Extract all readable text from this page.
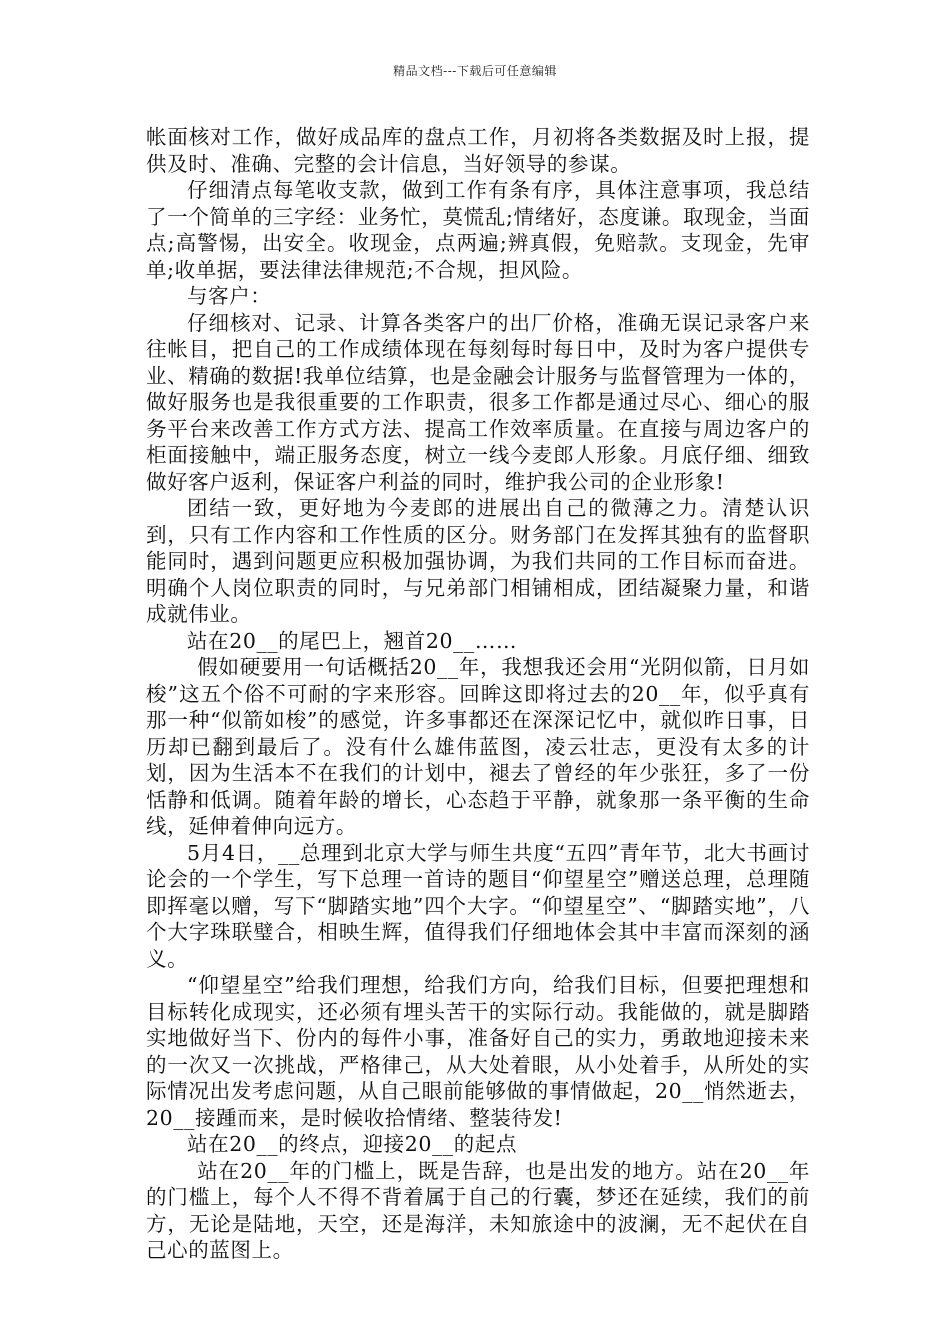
精品文档---下载后可任意编辑

帐面核对工作，做好成品库的盘点工作，月初将各类数据及时上报，提供及时、准确、完整的会计信息，当好领导的参谋。

仔细清点每笔收支款，做到工作有条有序，具体注意事项，我总结了一个简单的三字经：业务忙，莫慌乱;情绪好，态度谦。取现金，当面点;高警惕，出安全。收现金，点两遍;辨真假，免赔款。支现金，先审单;收单据，要法律法律规范;不合规，担风险。

与客户：

仔细核对、记录、计算各类客户的出厂价格，准确无误记录客户来往帐目，把自己的工作成绩体现在每刻每时每日中，及时为客户提供专业、精确的数据!我单位结算，也是金融会计服务与监督管理为一体的，做好服务也是我很重要的工作职责，很多工作都是通过尽心、细心的服务平台来改善工作方式方法、提高工作效率质量。在直接与周边客户的柜面接触中，端正服务态度，树立一线今麦郎人形象。月底仔细、细致做好客户返利，保证客户利益的同时，维护我公司的企业形象!

团结一致，更好地为今麦郎的进展出自己的微薄之力。清楚认识到，只有工作内容和工作性质的区分。财务部门在发挥其独有的监督职能同时，遇到问题更应积极加强协调，为我们共同的工作目标而奋进。明确个人岗位职责的同时，与兄弟部门相铺相成，团结凝聚力量，和谐成就伟业。

站在20__的尾巴上，翘首20__……

假如硬要用一句话概括20__年，我想我还会用“光阴似箭，日月如梭”这五个俗不可耐的字来形容。回眸这即将过去的20__年，似乎真有那一种“似箭如梭”的感觉，许多事都还在深深记忆中，就似昨日事，日历却已翻到最后了。没有什么雄伟蓝图，凌云壮志，更没有太多的计划，因为生活本不在我们的计划中，褪去了曾经的年少张狂，多了一份恬静和低调。随着年龄的增长，心态趋于平静，就象那一条平衡的生命线，延伸着伸向远方。

5月4日，__总理到北京大学与师生共度“五四”青年节，北大书画讨论会的一个学生，写下总理一首诗的题目“仰望星空”赠送总理，总理随即挥毫以赠，写下“脚踏实地”四个大字。“仰望星空”、“脚踏实地”，八个大字珠联璧合，相映生辉，值得我们仔细地体会其中丰富而深刻的涵义。

“仰望星空”给我们理想，给我们方向，给我们目标，但要把理想和目标转化成现实，还必须有埋头苦干的实际行动。我能做的，就是脚踏实地做好当下、份内的每件小事，准备好自己的实力，勇敢地迎接未来的一次又一次挑战，严格律己，从大处着眼，从小处着手，从所处的实际情况出发考虑问题，从自己眼前能够做的事情做起，20__悄然逝去，20__接踵而来，是时候收拾情绪、整装待发!

站在20__的终点，迎接20__的起点

站在20__年的门槛上，既是告辞，也是出发的地方。站在20__年的门槛上，每个人不得不背着属于自己的行囊，梦还在延续，我们的前方，无论是陆地，天空，还是海洋，未知旅途中的波澜，无不起伏在自己心的蓝图上。
